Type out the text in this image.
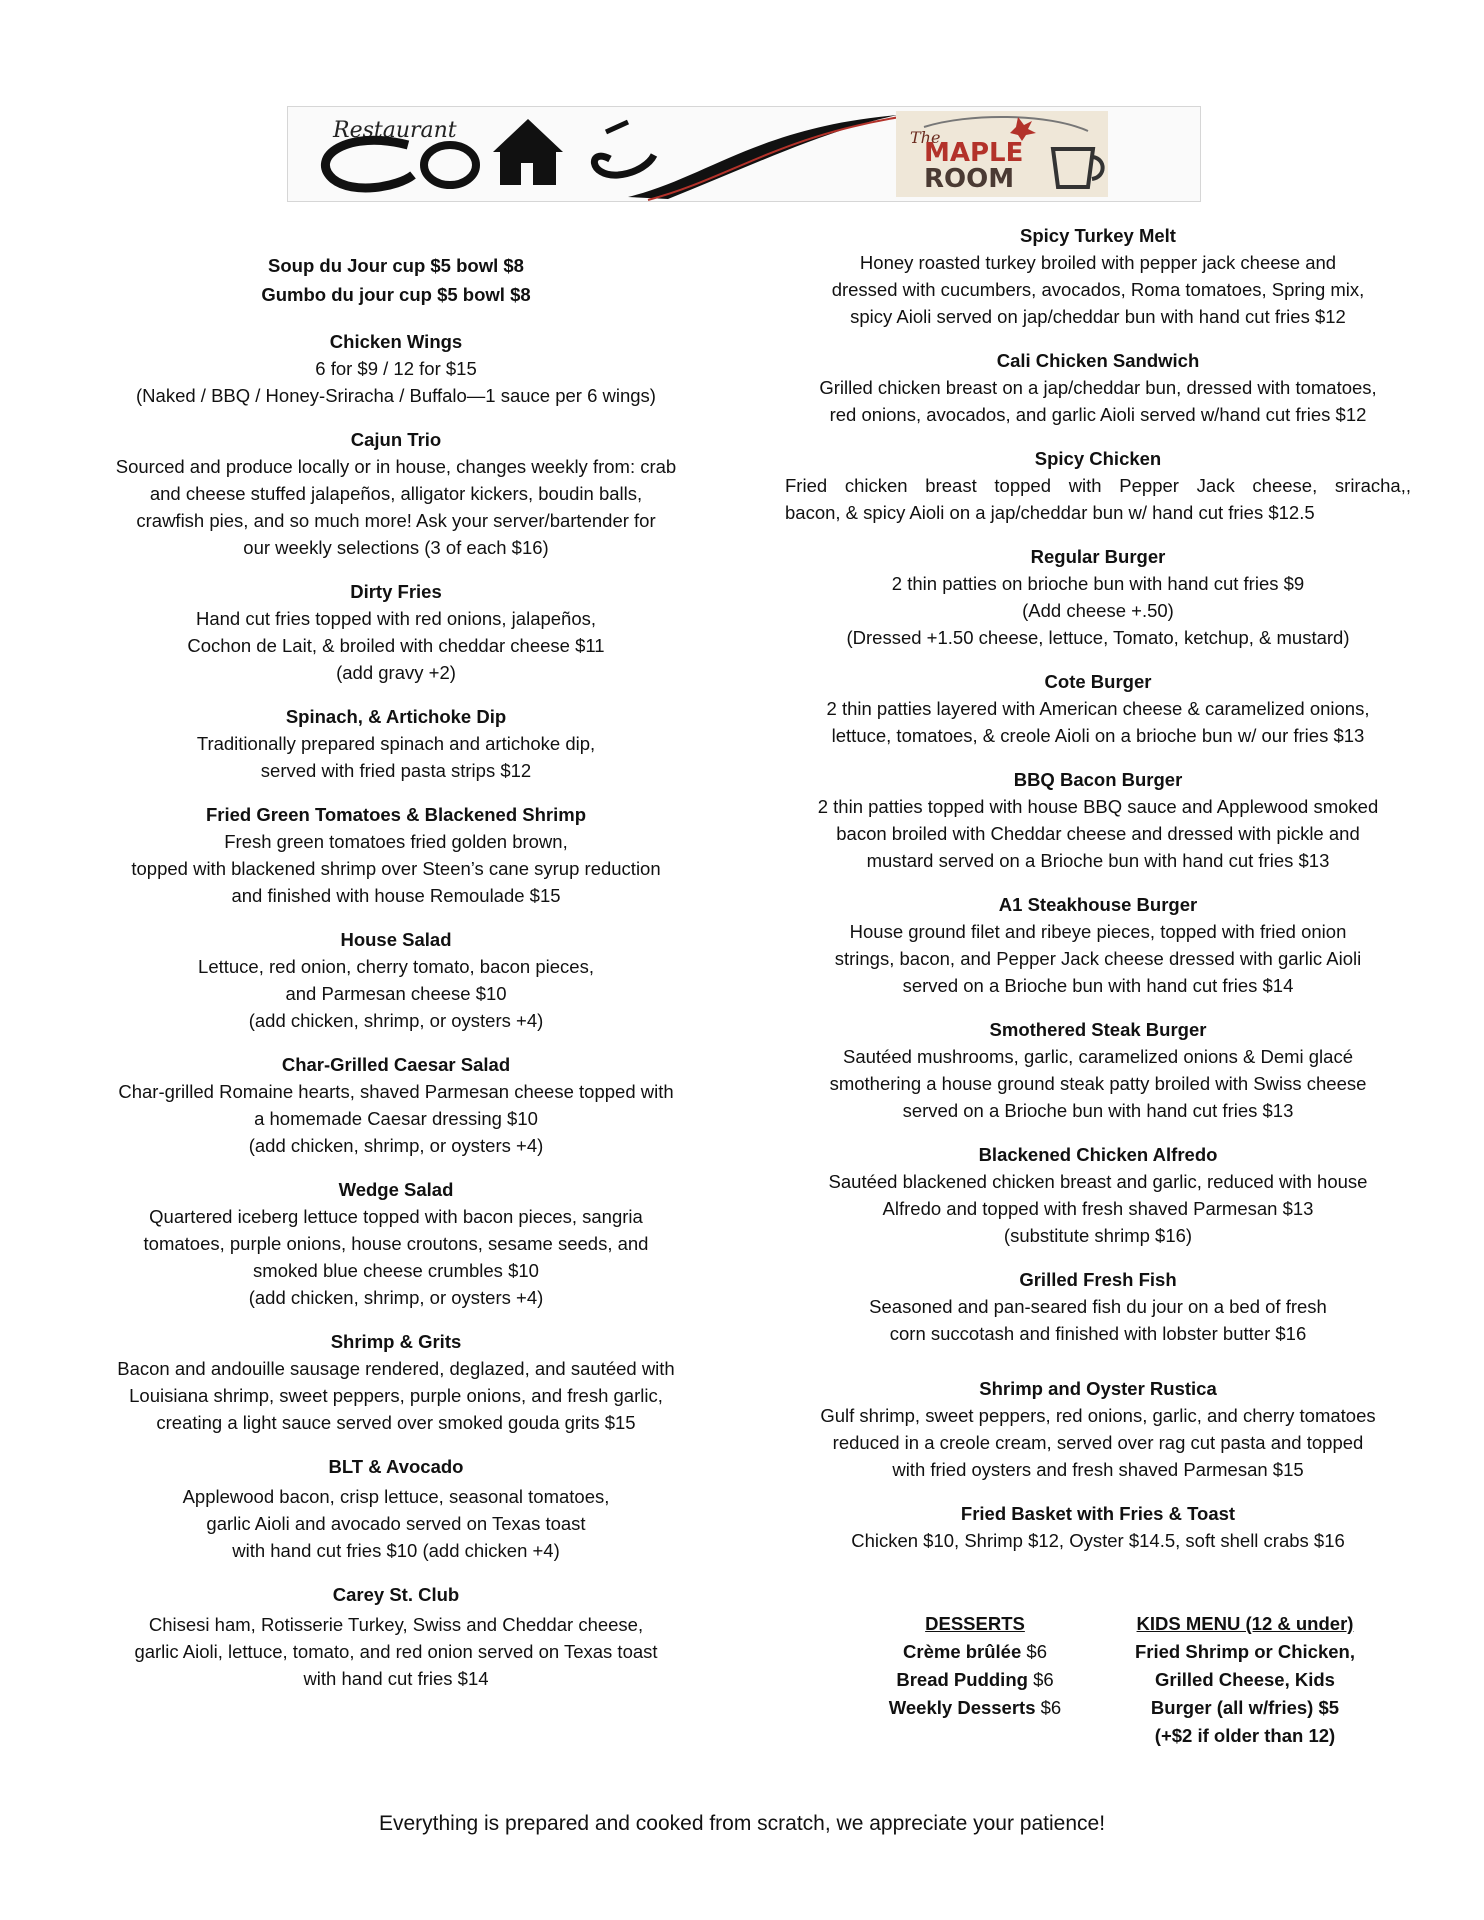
Restaurant	The
MAPLE
ROOM
Soup du Jour cup $5 bowl $8
Gumbo du jour cup $5 bowl $8
Chicken Wings
6 for $9 / 12 for $15
(Naked / BBQ / Honey-Sriracha / Buffalo—1 sauce per 6 wings)
Cajun Trio
Sourced and produce locally or in house, changes weekly from: crab
and cheese stuffed jalapeños, alligator kickers, boudin balls,
crawfish pies, and so much more! Ask your server/bartender for
our weekly selections (3 of each $16)
Dirty Fries
Hand cut fries topped with red onions, jalapeños,
Cochon de Lait, & broiled with cheddar cheese $11
(add gravy +2)
Spinach, & Artichoke Dip
Traditionally prepared spinach and artichoke dip,
served with fried pasta strips $12
Fried Green Tomatoes & Blackened Shrimp
Fresh green tomatoes fried golden brown,
topped with blackened shrimp over Steen’s cane syrup reduction
and finished with house Remoulade $15
House Salad
Lettuce, red onion, cherry tomato, bacon pieces,
and Parmesan cheese $10
(add chicken, shrimp, or oysters +4)
Char-Grilled Caesar Salad
Char-grilled Romaine hearts, shaved Parmesan cheese topped with
a homemade Caesar dressing $10
(add chicken, shrimp, or oysters +4)
Wedge Salad
Quartered iceberg lettuce topped with bacon pieces, sangria
tomatoes, purple onions, house croutons, sesame seeds, and
smoked blue cheese crumbles $10
(add chicken, shrimp, or oysters +4)
Shrimp & Grits
Bacon and andouille sausage rendered, deglazed, and sautéed with
Louisiana shrimp, sweet peppers, purple onions, and fresh garlic,
creating a light sauce served over smoked gouda grits $15
BLT & Avocado
Applewood bacon, crisp lettuce, seasonal tomatoes,
garlic Aioli and avocado served on Texas toast
with hand cut fries $10 (add chicken +4)
Carey St. Club
Chisesi ham, Rotisserie Turkey, Swiss and Cheddar cheese,
garlic Aioli, lettuce, tomato, and red onion served on Texas toast
with hand cut fries $14
Spicy Turkey Melt
Honey roasted turkey broiled with pepper jack cheese and
dressed with cucumbers, avocados, Roma tomatoes, Spring mix,
spicy Aioli served on jap/cheddar bun with hand cut fries $12
Cali Chicken Sandwich
Grilled chicken breast on a jap/cheddar bun, dressed with tomatoes,
red onions, avocados, and garlic Aioli served w/hand cut fries $12
Spicy Chicken
Fried chicken breast topped with Pepper Jack cheese, sriracha,,
bacon, & spicy Aioli on a jap/cheddar bun w/ hand cut fries $12.5
Regular Burger
2 thin patties on brioche bun with hand cut fries $9
(Add cheese +.50)
(Dressed +1.50 cheese, lettuce, Tomato, ketchup, & mustard)
Cote Burger
2 thin patties layered with American cheese & caramelized onions,
lettuce, tomatoes, & creole Aioli on a brioche bun w/ our fries $13
BBQ Bacon Burger
2 thin patties topped with house BBQ sauce and Applewood smoked
bacon broiled with Cheddar cheese and dressed with pickle and
mustard served on a Brioche bun with hand cut fries $13
A1 Steakhouse Burger
House ground filet and ribeye pieces, topped with fried onion
strings, bacon, and Pepper Jack cheese dressed with garlic Aioli
served on a Brioche bun with hand cut fries $14
Smothered Steak Burger
Sautéed mushrooms, garlic, caramelized onions & Demi glacé
smothering a house ground steak patty broiled with Swiss cheese
served on a Brioche bun with hand cut fries $13
Blackened Chicken Alfredo
Sautéed blackened chicken breast and garlic, reduced with house
Alfredo and topped with fresh shaved Parmesan $13
(substitute shrimp $16)
Grilled Fresh Fish
Seasoned and pan-seared fish du jour on a bed of fresh
corn succotash and finished with lobster butter $16
Shrimp and Oyster Rustica
Gulf shrimp, sweet peppers, red onions, garlic, and cherry tomatoes
reduced in a creole cream, served over rag cut pasta and topped
with fried oysters and fresh shaved Parmesan $15
Fried Basket with Fries & Toast
Chicken $10, Shrimp $12, Oyster $14.5, soft shell crabs $16
DESSERTS
Crème brûlée $6
Bread Pudding $6
Weekly Desserts $6
KIDS MENU (12 & under)
Fried Shrimp or Chicken,
Grilled Cheese, Kids
Burger (all w/fries) $5
(+$2 if older than 12)
Everything is prepared and cooked from scratch, we appreciate your patience!
